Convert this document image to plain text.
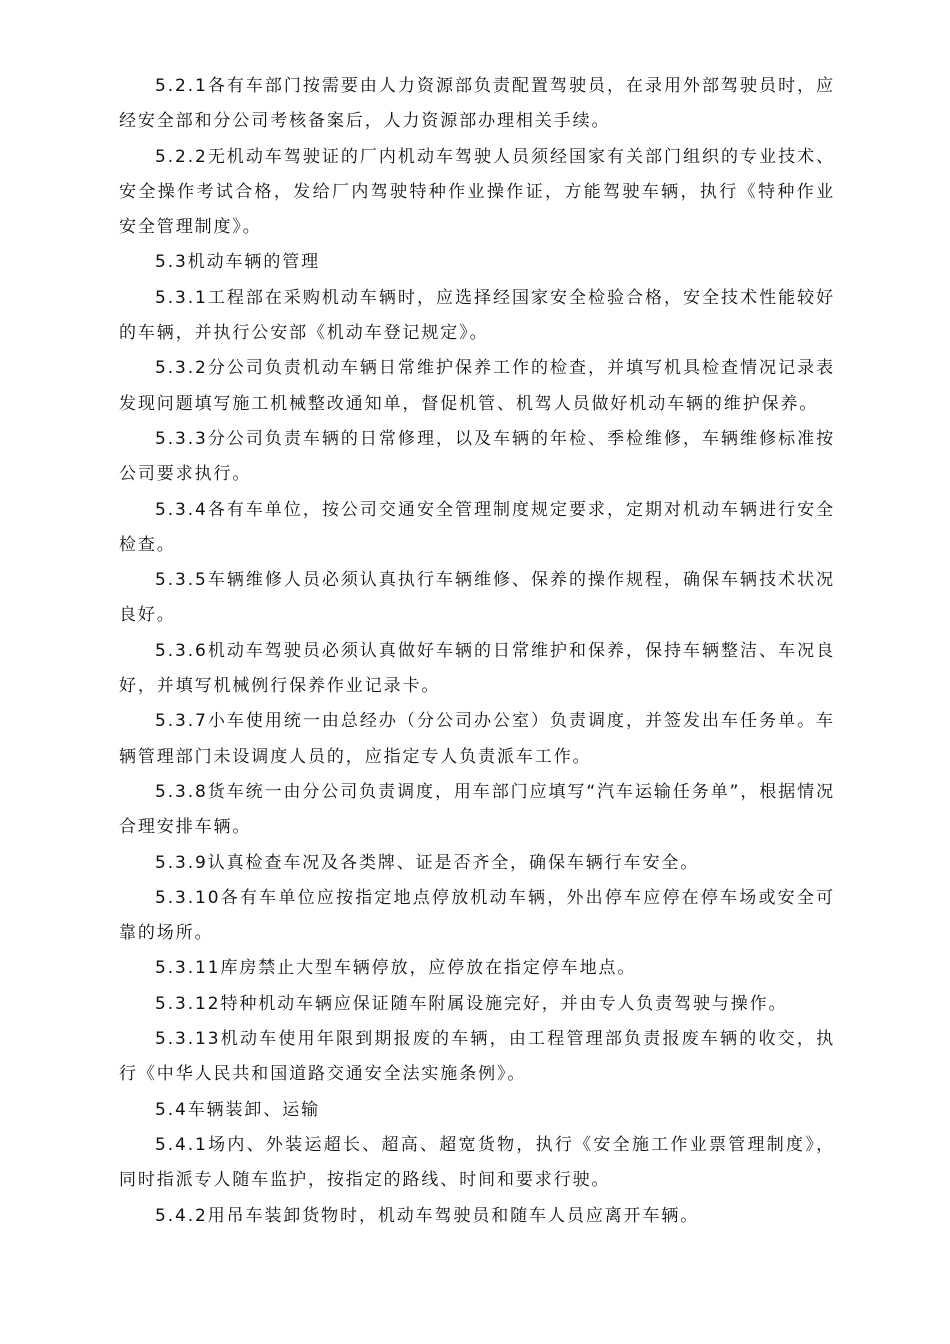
5.2.1各有车部门按需要由人力资源部负责配置驾驶员，在录用外部驾驶员时，应经安全部和分公司考核备案后，人力资源部办理相关手续。

5.2.2无机动车驾驶证的厂内机动车驾驶人员须经国家有关部门组织的专业技术、安全操作考试合格，发给厂内驾驶特种作业操作证，方能驾驶车辆，执行《特种作业安全管理制度》。

5.3机动车辆的管理

5.3.1工程部在采购机动车辆时，应选择经国家安全检验合格，安全技术性能较好的车辆，并执行公安部《机动车登记规定》。

5.3.2分公司负责机动车辆日常维护保养工作的检查，并填写机具检查情况记录表发现问题填写施工机械整改通知单，督促机管、机驾人员做好机动车辆的维护保养。

5.3.3分公司负责车辆的日常修理，以及车辆的年检、季检维修，车辆维修标准按公司要求执行。

5.3.4各有车单位，按公司交通安全管理制度规定要求，定期对机动车辆进行安全检查。

5.3.5车辆维修人员必须认真执行车辆维修、保养的操作规程，确保车辆技术状况良好。

5.3.6机动车驾驶员必须认真做好车辆的日常维护和保养，保持车辆整洁、车况良好，并填写机械例行保养作业记录卡。

5.3.7小车使用统一由总经办（分公司办公室）负责调度，并签发出车任务单。车辆管理部门未设调度人员的，应指定专人负责派车工作。

5.3.8货车统一由分公司负责调度，用车部门应填写“汽车运输任务单”，根据情况合理安排车辆。

5.3.9认真检查车况及各类牌、证是否齐全，确保车辆行车安全。

5.3.10各有车单位应按指定地点停放机动车辆，外出停车应停在停车场或安全可靠的场所。

5.3.11库房禁止大型车辆停放，应停放在指定停车地点。

5.3.12特种机动车辆应保证随车附属设施完好，并由专人负责驾驶与操作。

5.3.13机动车使用年限到期报废的车辆，由工程管理部负责报废车辆的收交，执行《中华人民共和国道路交通安全法实施条例》。

5.4车辆装卸、运输

5.4.1场内、外装运超长、超高、超宽货物，执行《安全施工作业票管理制度》，同时指派专人随车监护，按指定的路线、时间和要求行驶。

5.4.2用吊车装卸货物时，机动车驾驶员和随车人员应离开车辆。
